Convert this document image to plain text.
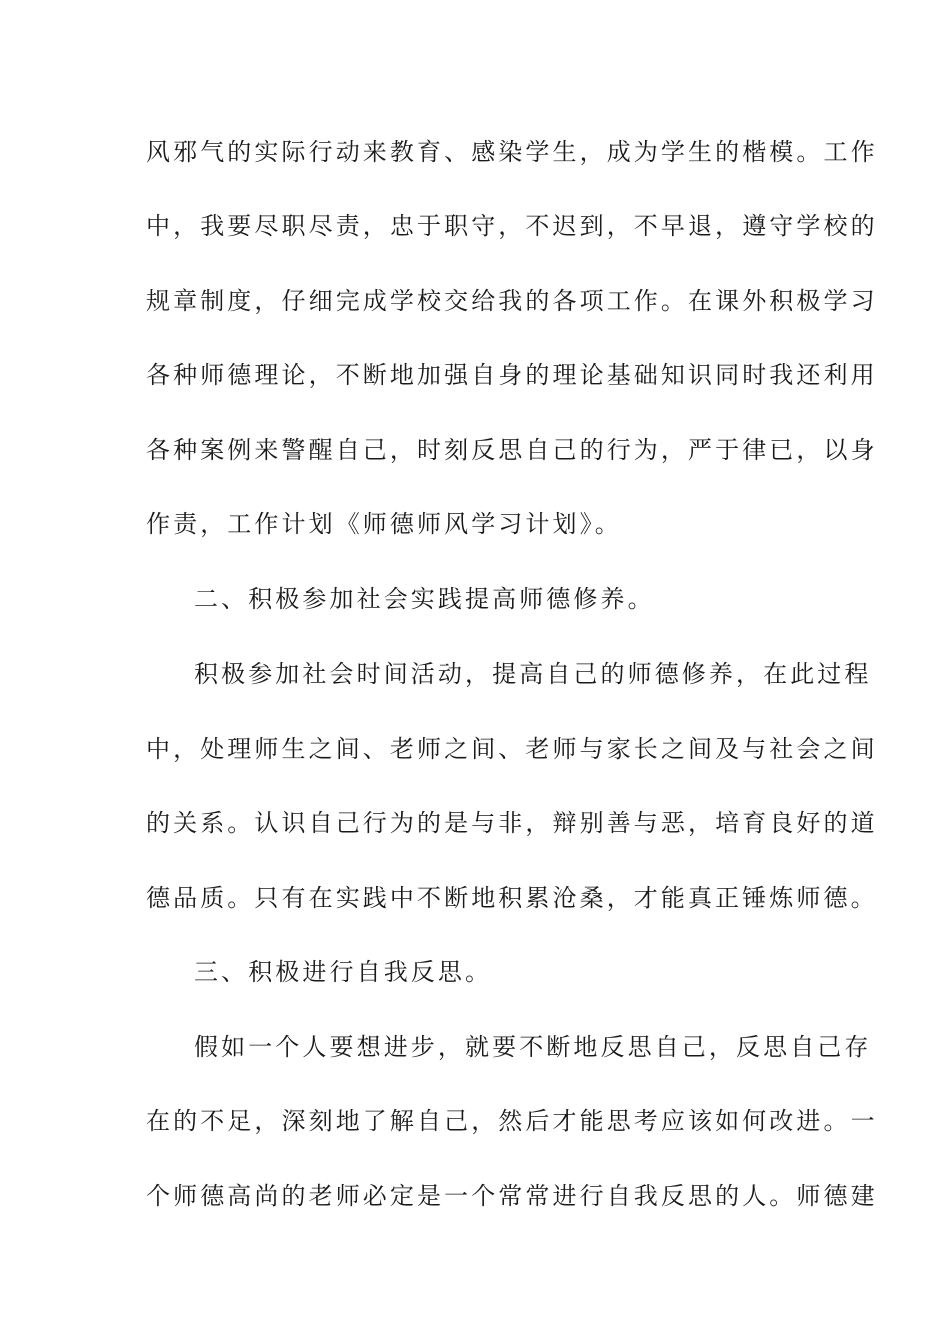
风邪气的实际行动来教育、感染学生，成为学生的楷模。工作
中，我要尽职尽责，忠于职守，不迟到，不早退，遵守学校的
规章制度，仔细完成学校交给我的各项工作。在课外积极学习
各种师德理论，不断地加强自身的理论基础知识同时我还利用
各种案例来警醒自己，时刻反思自己的行为，严于律已，以身
作责，工作计划《师德师风学习计划》。
二、积极参加社会实践提高师德修养。
积极参加社会时间活动，提高自己的师德修养，在此过程
中，处理师生之间、老师之间、老师与家长之间及与社会之间
的关系。认识自己行为的是与非，辩别善与恶，培育良好的道
德品质。只有在实践中不断地积累沧桑，才能真正锤炼师德。
三、积极进行自我反思。
假如一个人要想进步，就要不断地反思自己，反思自己存
在的不足，深刻地了解自己，然后才能思考应该如何改进。一
个师德高尚的老师必定是一个常常进行自我反思的人。师德建
